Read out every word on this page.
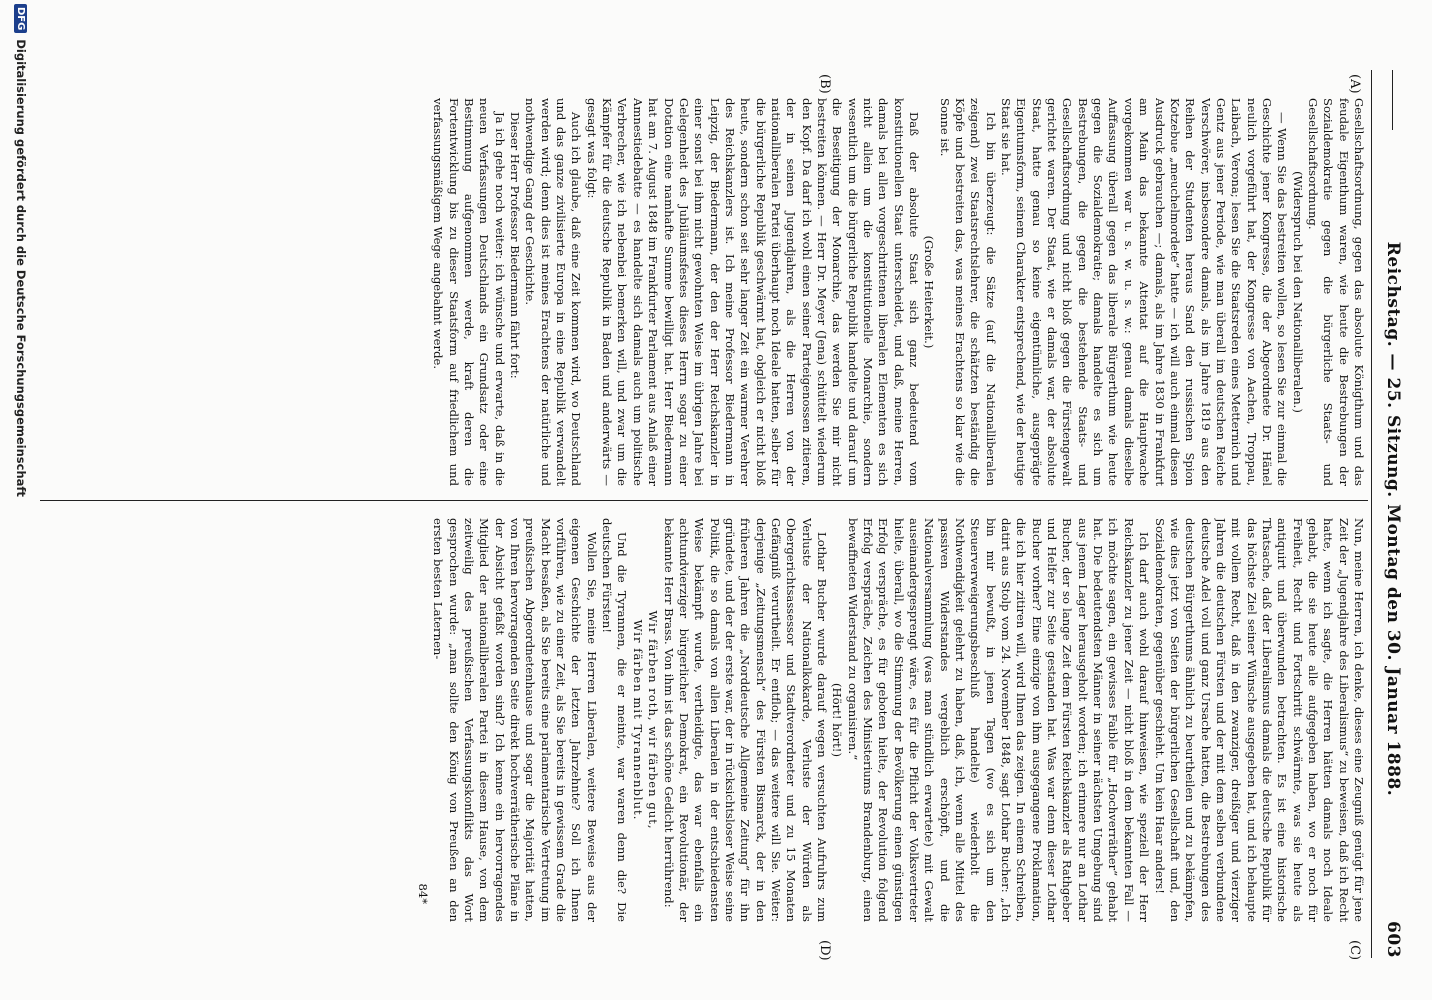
Reichstag. — 25. Sitzung. Montag den 30. Januar 1888.
603
(A)
(B)
(C)
(D)

Gesellschaftsordnung, gegen das absolute Königthum und das feudale Eigenthum waren, wie heute die Bestrebungen der Sozialdemokratie gegen die bürgerliche Staats- und Gesellschaftsordnung.

(Widerspruch bei den Nationalliberalen.)

— Wenn Sie das bestreiten wollen, so lesen Sie zur einmal die Geschichte jener Kongresse, die der Abgeordnete Dr. Hänel neulich vorgeführt hat, der Kongresse von Aachen, Troppau, Laibach, Verona; lesen Sie die Staatsreden eines Metternich und Gentz aus jener Periode, wie man überall im deutschen Reiche Verschwörer, insbesondere damals, als im Jahre 1819 aus den Reihen der Studenten heraus Sand den russischen Spion Kotzebue „meuchelmordete“ hatte — ich will auch einmal diesen Ausdruck gebrauchen —; damals, als im Jahre 1830 in Frankfurt am Main das bekannte Attentat auf die Hauptwache vorgekommen war u. s. w. u. s. w.: genau damals dieselbe Auffassung überall gegen das liberale Bürgerthum wie heute gegen die Sozialdemokratie; damals handelte es sich um Bestrebungen, die gegen die bestehende Staats- und Gesellschaftsordnung und nicht bloß gegen die Fürstengewalt gerichtet waren. Der Staat, wie er damals war, der absolute Staat, hatte genau so keine eigentümliche, ausgeprägte Eigentumsform, seinem Charakter entsprechend, wie der heutige Staat sie hat.

Ich bin überzeugt: die Sätze (auf die Nationalliberalen zeigend) zwei Staatsrechtslehrer, die schätzten beständig die Köpfe und bestreiten das, was meines Erachtens so klar wie die Sonne ist.

(Große Heiterkeit.)

Daß der absolute Staat sich ganz bedeutend vom konstitutionellen Staat unterscheidet, und daß, meine Herren, damals bei allen vorgeschrittenen liberalen Elementen es sich nicht allein um die konstitutionelle Monarchie, sondern wesentlich um die bürgerliche Republik handelte und darauf um die Beseitigung der Monarchie, das werden Sie mir nicht bestreiten können. — Herr Dr. Meyer (Jena) schüttelt wiederum den Kopf. Da darf ich wohl einen seiner Parteigenossen zitieren, der in seinen Jugendjahren, als die Herren von der nationalliberalen Partei überhaupt noch Ideale hatten, selber für die bürgerliche Republik geschwärmt hat, obgleich er nicht bloß heute, sondern schon seit sehr langer Zeit ein warmer Verehrer des Reichskanzlers ist. Ich meine Professor Biedermann in Leipzig, der Biedermann, der den der Herr Reichskanzler in einer sonst bei ihm nicht gewohnten Weise im übrigen Jahre bei Gelegenheit des Jubiläumsfestes dieses Herrn sogar zu einer Dotation eine namhafte Summe bewilligt hat. Herr Biedermann hat am 7. August 1848 im Frankfurter Parlament aus Anlaß einer Amnestiedebatte — es handelte sich damals auch um politische Verbrecher, wie ich nebenbei bemerken will, und zwar um die Kämpfer für die deutsche Republik in Baden und anderwärts — gesagt was folgt:

Auch ich glaube, daß eine Zeit kommen wird, wo Deutschland und das ganze zivilisierte Europa in eine Republik verwandelt werden wird; denn dies ist meines Erachtens der natürliche und nothwendige Gang der Geschichte.

Dieser Herr Professor Biedermann fährt fort:

Ja ich gehe noch weiter: ich wünsche und erwarte, daß in die neuen Verfassungen Deutschlands ein Grundsatz oder eine Bestimmung aufgenommen werde, kraft deren die Fortentwicklung bis zu dieser Staatsform auf friedlichem und verfassungsmäßigem Wege angebahnt werde.

Nun, meine Herren, ich denke, dieses eine Zeugniß genügt für jene Zeit der „Jugendjahre des Liberalismus“ zu beweisen, daß ich Recht hatte, wenn ich sagte, die Herren hätten damals noch Ideale gehabt, die sie heute alle aufgegeben haben, wo er noch für Freiheit, Recht und Fortschritt schwärmte, was sie heute als antiquirt und überwunden betrachten. Es ist eine historische Thatsache, daß der Liberalismus damals die deutsche Republik für das höchste Ziel seiner Wünsche ausgegeben hat, und ich behaupte mit vollem Recht, daß in den zwanziger, dreißiger und vierziger Jahren die deutschen Fürsten und der mit dem selben verbundene deutsche Adel voll und ganz Ursache hatten, die Bestrebungen des deutschen Bürgerthums ähnlich zu beurtheilen und zu bekämpfen, wie dies jetzt von Seiten der bürgerlichen Gesellschaft und, den Sozialdemokraten, gegenüber geschieht. Um kein Haar anders!

Ich darf auch wohl darauf hinweisen, wie speziell der Herr Reichskanzler zu jener Zeit — nicht bloß in dem bekannten Fall — ich möchte sagen, ein gewisses Faible für „Hochverräther“ gehabt hat. Die bedeutendsten Männer in seiner nächsten Umgebung sind aus jenem Lager herausgeholt worden; ich erinnere nur an Lothar Bucher, der so lange Zeit dem Fürsten Reichskanzler als Rathgeber und Helfer zur Seite gestanden hat. Was war denn dieser Lothar Bucher vorher? Eine einzige von ihm ausgegangene Proklamation, die ich hier zitiren will, wird Ihnen das zeigen. In einem Schreiben, datirt aus Stolp vom 24. November 1848, sagt Lothar Bucher: „Ich bin mir bewußt, in jenen Tagen (wo es sich um den Steuerverweigerungsbeschluß handelte) wiederholt die Nothwendigkeit gelehrt zu haben, daß, ich, wenn alle Mittel des passiven Widerstandes vergeblich erschöpft, und die Nationalversammlung (was man stündlich erwartete) mit Gewalt auseinandergesprengt wäre, es für die Pflicht der Volksvertreter hielte, überall, wo die Stimmung der Bevölkerung einen günstigen Erfolg verspräche, es für geboten hielte, der Revolution folgend Erfolg verspräche, Zeichen des Ministeriums Brandenburg, einen bewaffneten Widerstand zu organisiren.“

(Hört! hört!)

Lothar Bucher wurde darauf wegen versuchten Aufruhrs zum Verluste der Nationalkokarde, Verluste der Würden als Obergerichtsassessor und Stadtverordneter und zu 15 Monaten Gefängniß verurtheilt. Er entfloh; — das weitere will Sie. Weiter: derjenige „Zeitungsmensch“ des Fürsten Bismarck, der in den früheren Jahren die „Norddeutsche Allgemeine Zeitung“ für ihn gründete, und der der erste war, der in rücksichtsloser Weise seine Politik, die so damals von allen Liberalen in der entschiedensten Weise bekämpft wurde, vertheidigte, das war ebenfalls ein achtundvierziger bürgerlicher Demokrat, ein Revolutionär, der bekannte Herr Brass. Von ihm ist das schöne Gedicht herrührend:

Wir färben roth, wir färben gut,

Wir färben mit Tyrannenblut.

Und die Tyrannen, die er meinte, war waren denn die? Die deutschen Fürsten!

Wollen Sie, meine Herren Liberalen, weitere Beweise aus der eigenen Geschichte der letzten Jahrzehnte? Soll ich Ihnen vorführen, wie zu einer Zeit, als Sie bereits in gewissem Grade die Macht besaßen, als Sie bereits eine parlamentarische Vertretung im preußischen Abgeordnetenhause und sogar die Majorität hatten, von Ihren hervorragenden Seite direkt hochverrätherische Pläne in der Absicht gefaßt worden sind? Ich kenne ein hervorragendes Mitglied der nationalliberalen Partei in diesem Hause, von dem zeitweilig des preußischen Verfassungskonflikts das Wort gesprochen wurde: „man sollte den König von Preußen an den ersten besten Laternen-

84*

DFG
Digitalisierung gefördert durch die Deutsche Forschungsgemeinschaft
